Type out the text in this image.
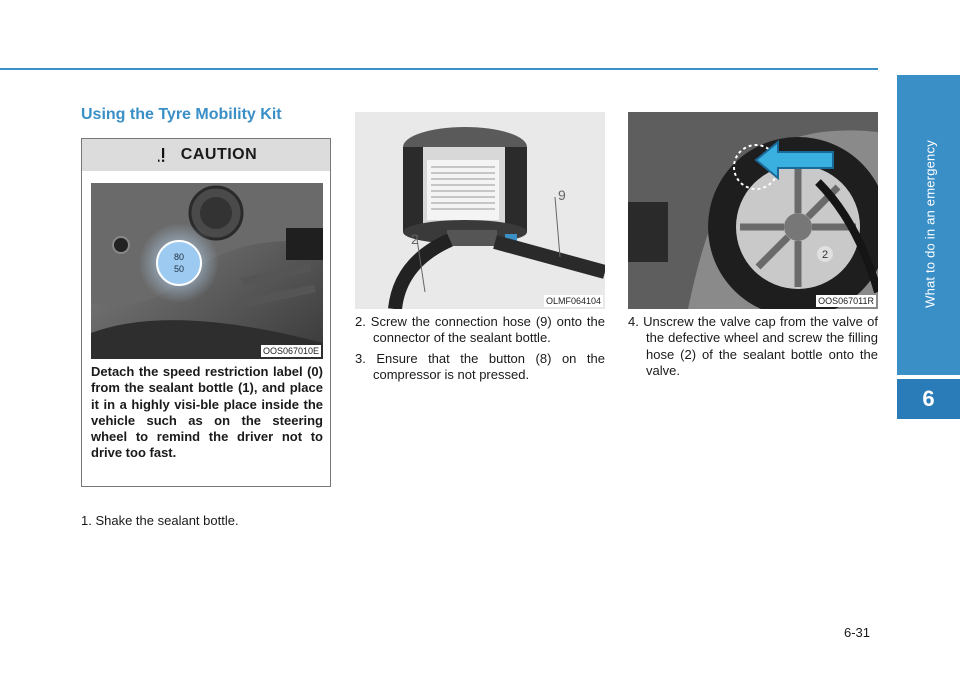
What to do in an emergency
6
Using the Tyre Mobility Kit
CAUTION
80
50
OOS067010E
Detach the speed restriction label (0) from the sealant bottle (1), and place it in a highly visi-ble place inside the vehicle such as on the steering wheel to remind the driver not to drive too fast.
1. Shake the sealant bottle.
9
2
OLMF064104
2. Screw the connection hose (9) onto the connector of the sealant bottle.
3. Ensure that the button (8) on the compressor is not pressed.
2
OOS067011R
4. Unscrew the valve cap from the valve of the defective wheel and screw the filling hose (2) of the sealant bottle onto the valve.
6-31
